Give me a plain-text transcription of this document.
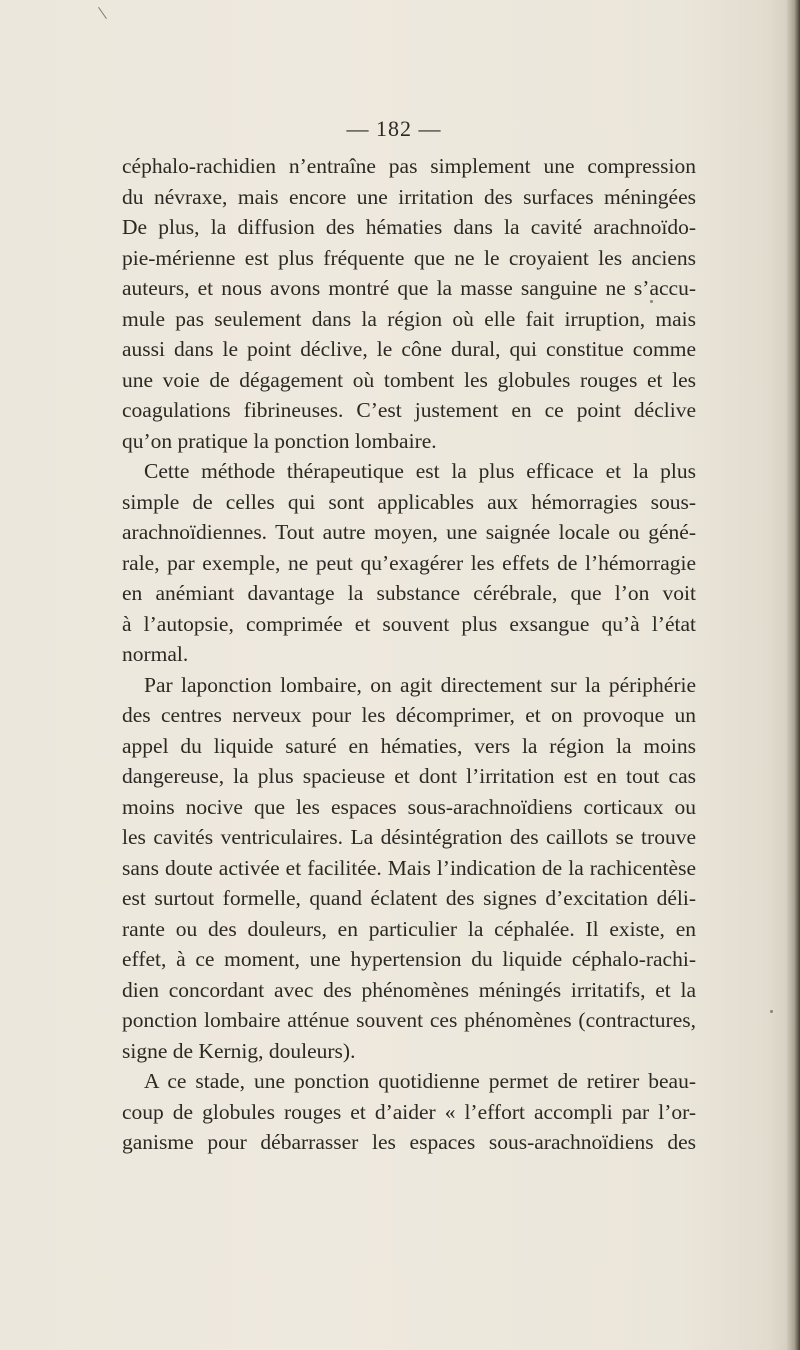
— 182 —
céphalo-rachidien n’entraîne pas simplement une compression
du névraxe, mais encore une irritation des surfaces méningées
De plus, la diffusion des hématies dans la cavité arachnoïdo-
pie-mérienne est plus fréquente que ne le croyaient les anciens
auteurs, et nous avons montré que la masse sanguine ne s’accu-
mule pas seulement dans la région où elle fait irruption, mais
aussi dans le point déclive, le cône dural, qui constitue comme
une voie de dégagement où tombent les globules rouges et les
coagulations fibrineuses. C’est justement en ce point déclive
qu’on pratique la ponction lombaire.
Cette méthode thérapeutique est la plus efficace et la plus
simple de celles qui sont applicables aux hémorragies sous-
arachnoïdiennes. Tout autre moyen, une saignée locale ou géné-
rale, par exemple, ne peut qu’exagérer les effets de l’hémorragie
en anémiant davantage la substance cérébrale, que l’on voit
à l’autopsie, comprimée et souvent plus exsangue qu’à l’état
normal.
Par laponction lombaire, on agit directement sur la périphérie
des centres nerveux pour les décomprimer, et on provoque un
appel du liquide saturé en hématies, vers la région la moins
dangereuse, la plus spacieuse et dont l’irritation est en tout cas
moins nocive que les espaces sous-arachnoïdiens corticaux ou
les cavités ventriculaires. La désintégration des caillots se trouve
sans doute activée et facilitée. Mais l’indication de la rachicentèse
est surtout formelle, quand éclatent des signes d’excitation déli-
rante ou des douleurs, en particulier la céphalée. Il existe, en
effet, à ce moment, une hypertension du liquide céphalo-rachi-
dien concordant avec des phénomènes méningés irritatifs, et la
ponction lombaire atténue souvent ces phénomènes (contractures,
signe de Kernig, douleurs).
A ce stade, une ponction quotidienne permet de retirer beau-
coup de globules rouges et d’aider « l’effort accompli par l’or-
ganisme pour débarrasser les espaces sous-arachnoïdiens des
